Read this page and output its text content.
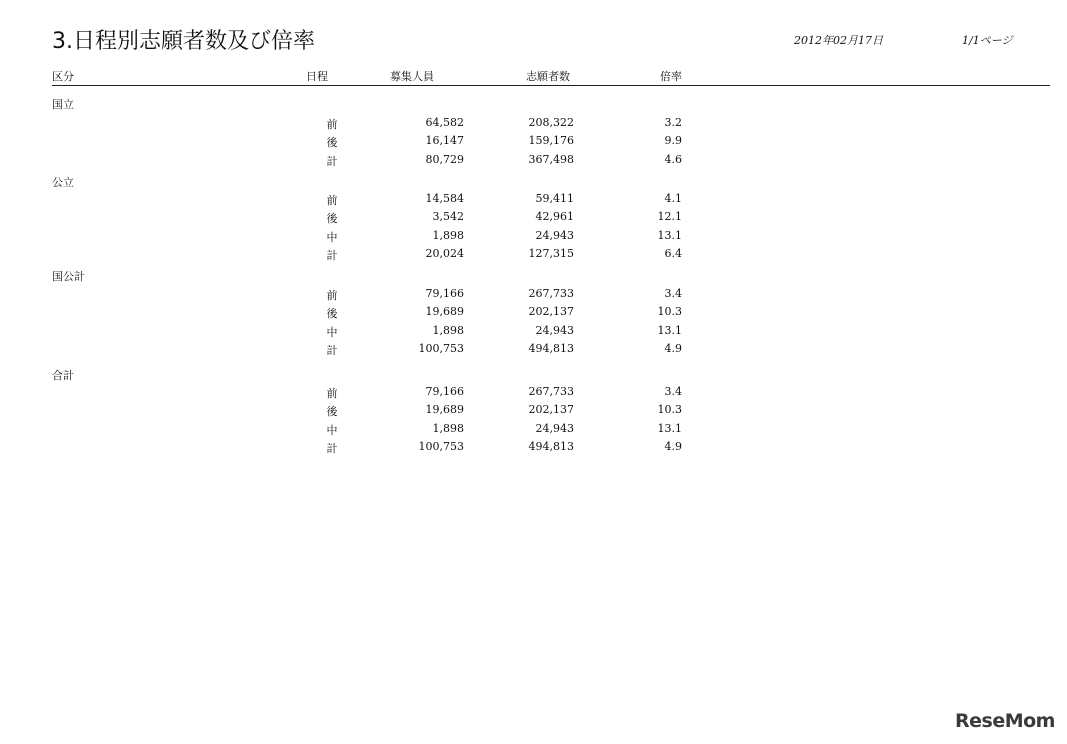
3.日程別志願者数及び倍率	2012年02月17日	1/1ページ
区分	日程	募集人員	志願者数	倍率
国立
前	64,582	208,322	3.2
後	16,147	159,176	9.9
計	80,729	367,498	4.6
公立
前	14,584	59,411	4.1
後	3,542	42,961	12.1
中	1,898	24,943	13.1
計	20,024	127,315	6.4
国公計
前	79,166	267,733	3.4
後	19,689	202,137	10.3
中	1,898	24,943	13.1
計	100,753	494,813	4.9
合計
前	79,166	267,733	3.4
後	19,689	202,137	10.3
中	1,898	24,943	13.1
計	100,753	494,813	4.9
ReseMom
